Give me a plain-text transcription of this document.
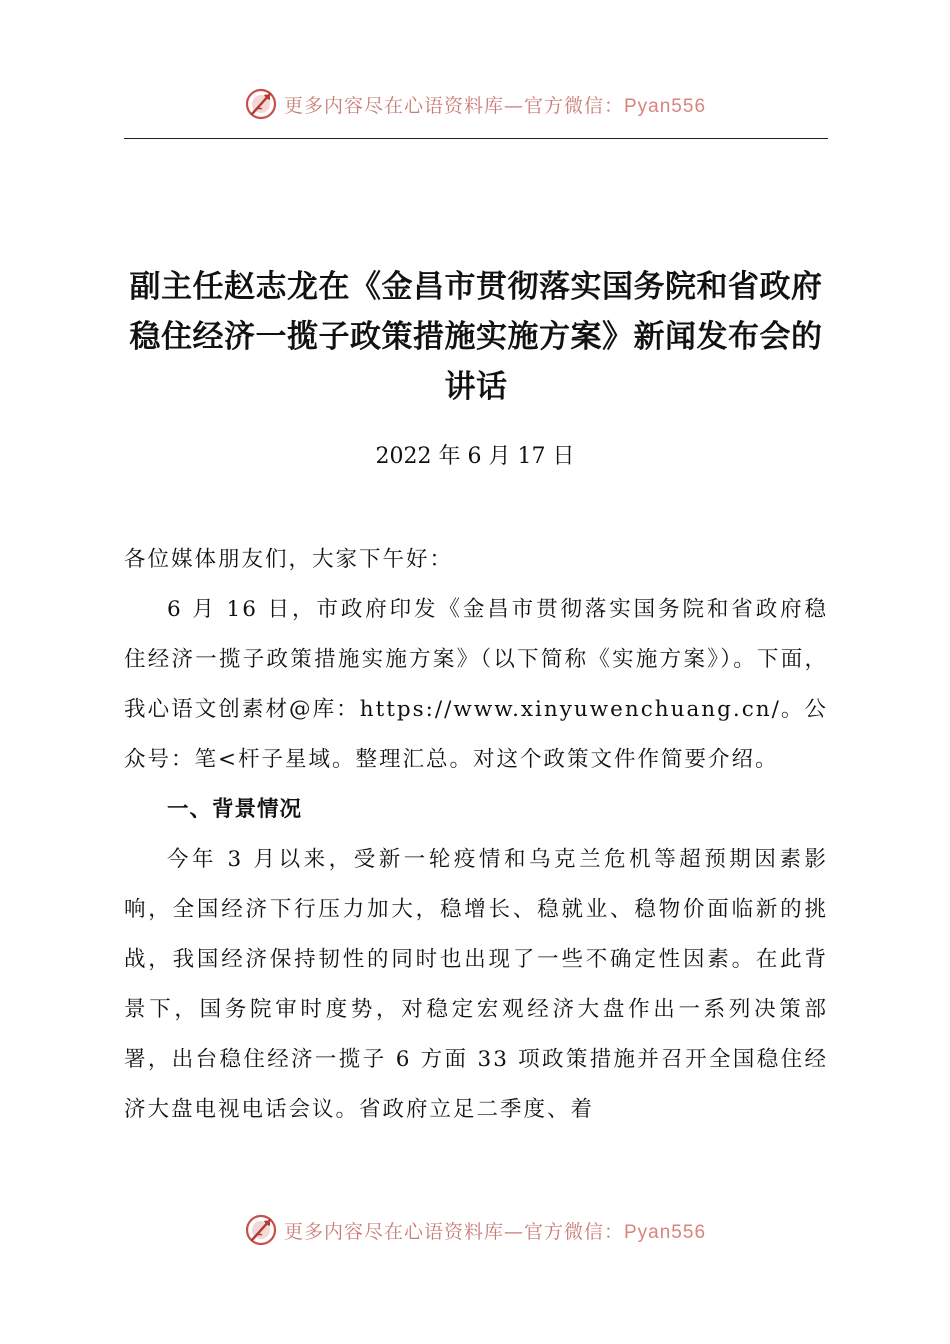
更多内容尽在心语资料库—官方微信：Pyan556
副主任赵志龙在《金昌市贯彻落实国务院和省政府稳住经济一揽子政策措施实施方案》新闻发布会的讲话
2022 年 6 月 17 日

各位媒体朋友们，大家下午好：

6 月 16 日，市政府印发《金昌市贯彻落实国务院和省政府稳住经济一揽子政策措施实施方案》（以下简称《实施方案》）。下面，我心语文创素材@库：https://www.xinyuwenchuang.cn/。公众号：笔<杆子星域。整理汇总。对这个政策文件作简要介绍。

一、背景情况

今年 3 月以来，受新一轮疫情和乌克兰危机等超预期因素影响，全国经济下行压力加大，稳增长、稳就业、稳物价面临新的挑战，我国经济保持韧性的同时也出现了一些不确定性因素。在此背景下，国务院审时度势，对稳定宏观经济大盘作出一系列决策部署，出台稳住经济一揽子 6 方面 33 项政策措施并召开全国稳住经济大盘电视电话会议。省政府立足二季度、着

更多内容尽在心语资料库—官方微信：Pyan556
